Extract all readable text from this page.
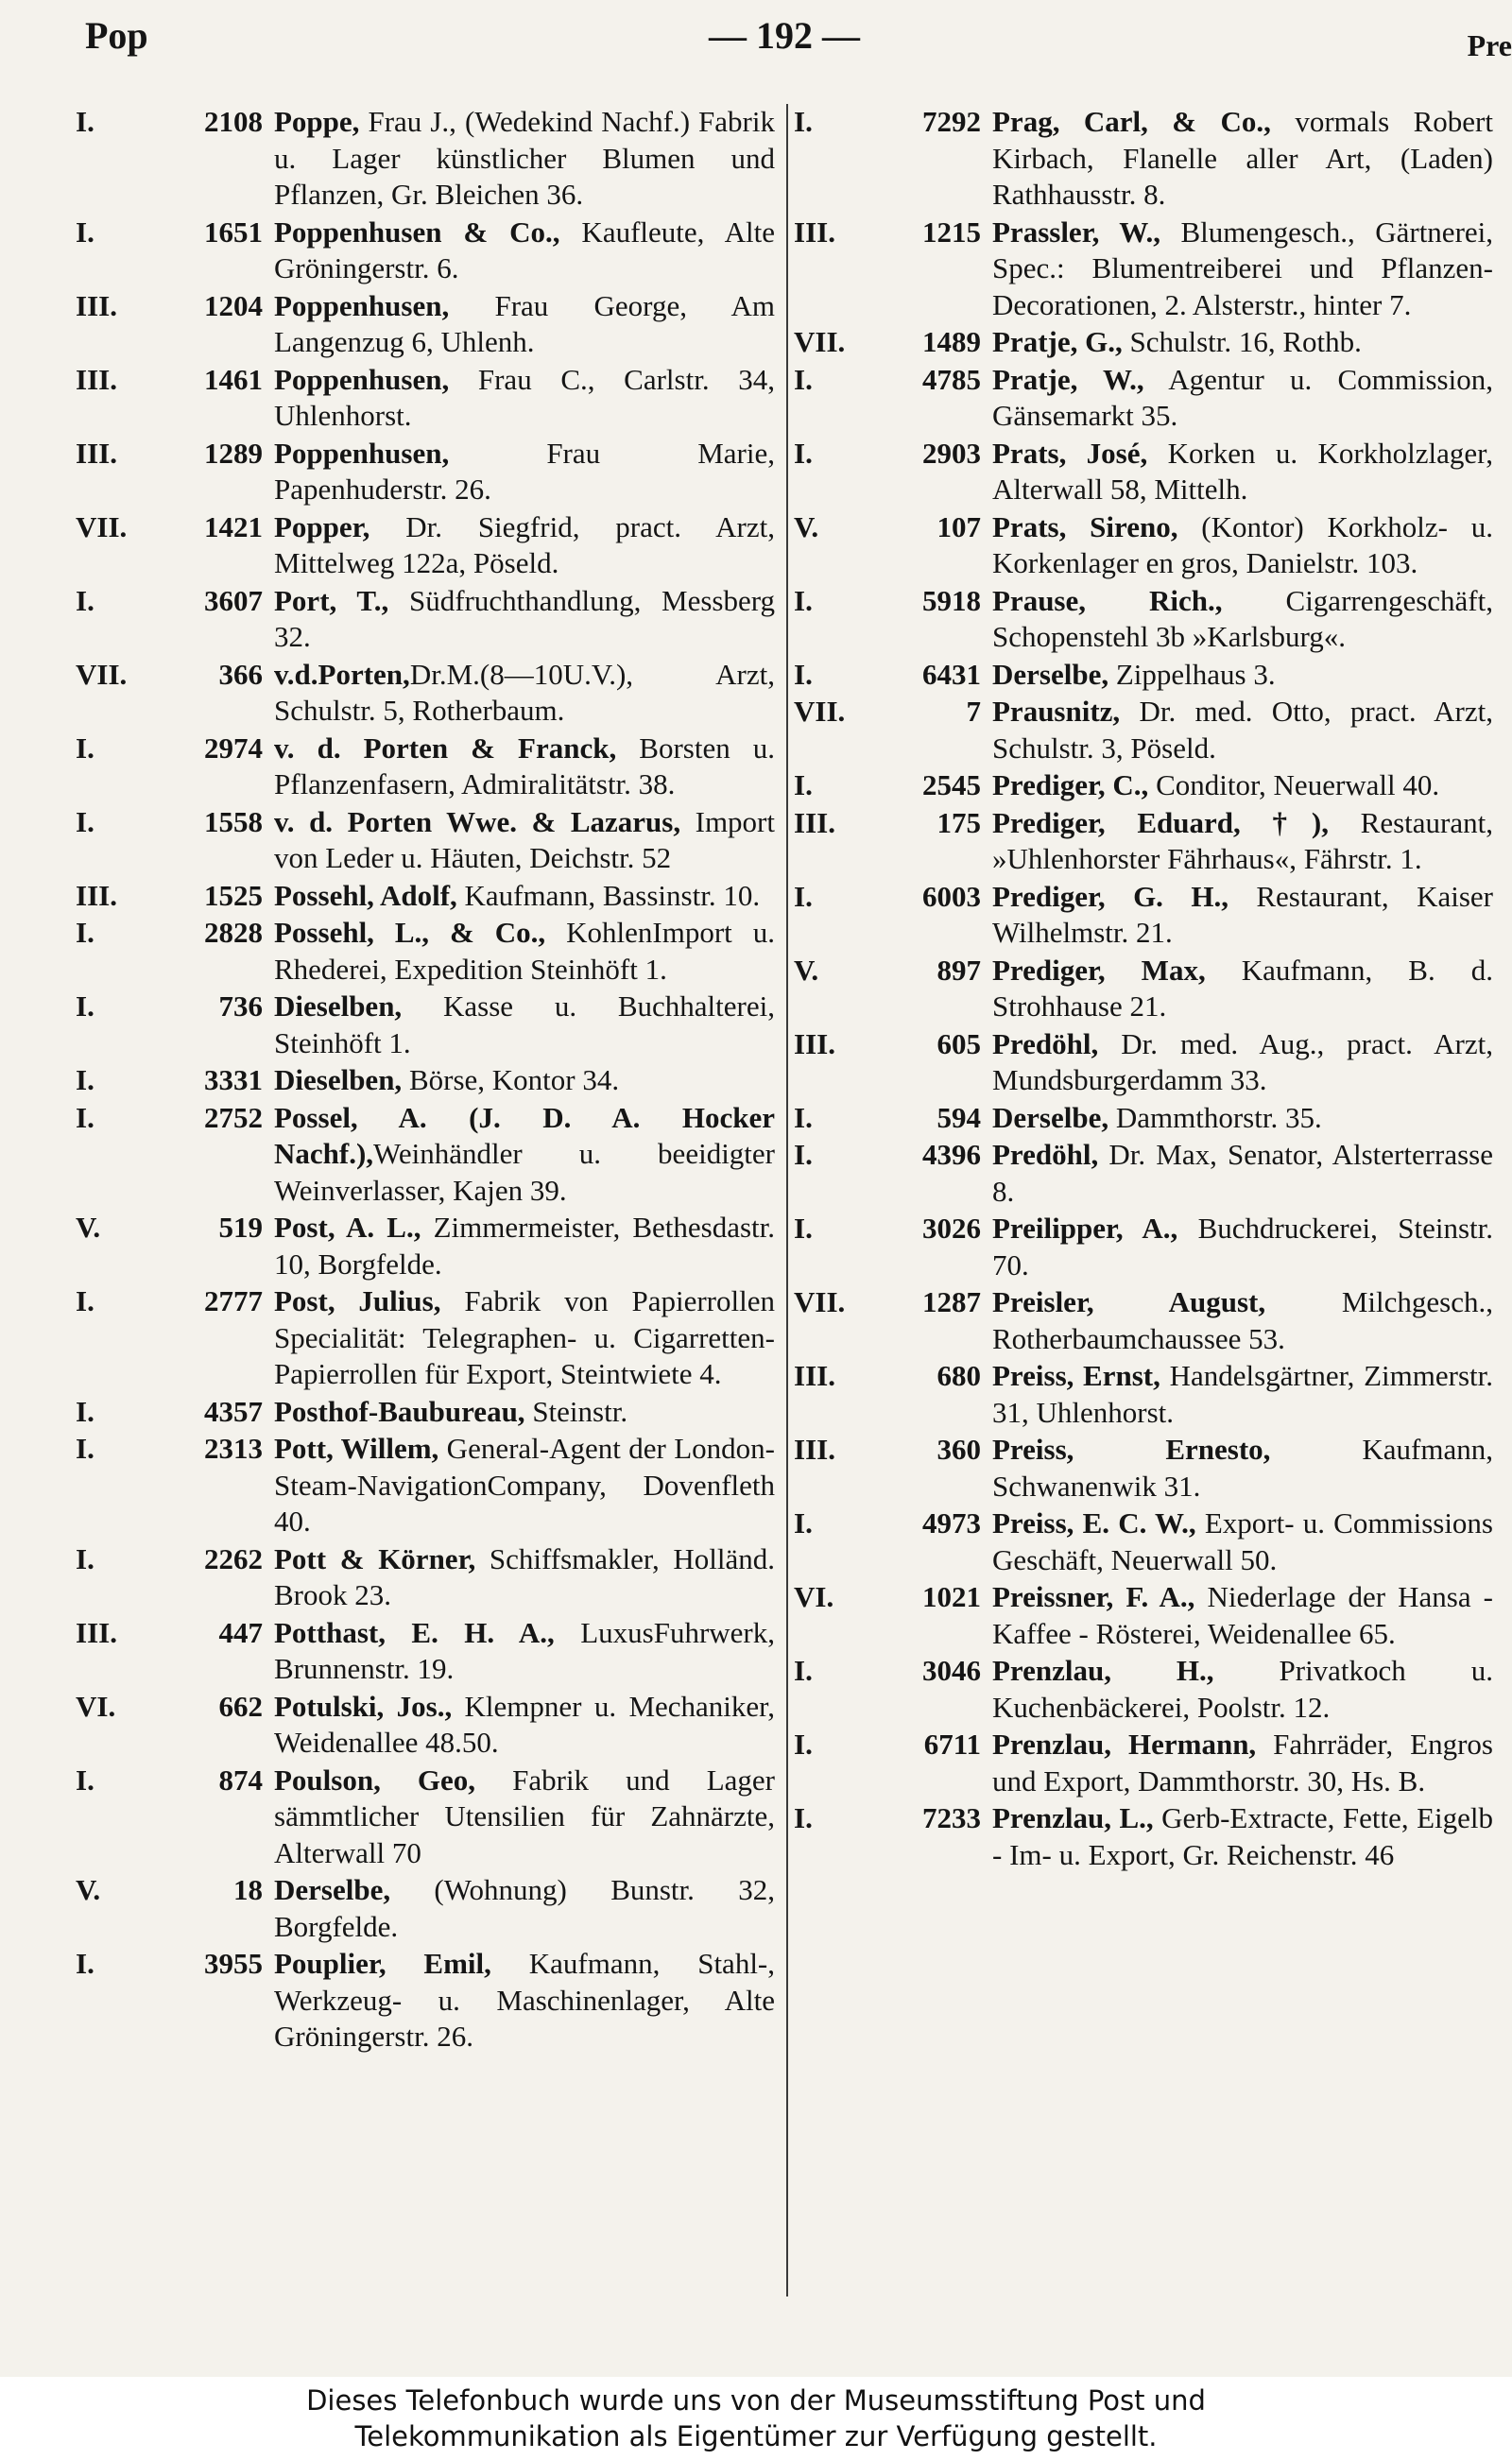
Pop	— 192 —	Pre
I.	2108 Poppe, Frau J., (Wedekind Nachf.) Fabrik u. Lager künstlicher Blumen und Pflanzen, Gr. Bleichen 36.
I.	1651 Poppenhusen & Co., Kaufleute, Alte Gröningerstr. 6.
III.	1204 Poppenhusen, Frau George, Am Langenzug 6, Uhlenh.
III.	1461 Poppenhusen, Frau C., Carlstr. 34, Uhlenhorst.
III.	1289 Poppenhusen, Frau Marie, Papenhuderstr. 26.
VII.	1421 Popper, Dr. Siegfrid, pract. Arzt, Mittelweg 122a, Pöseld.
I.	3607 Port, T., Südfruchthandlung, Messberg 32.
VII.	366 v.d.Porten,Dr.M.(8—10U.V.), Arzt, Schulstr. 5, Rotherbaum.
I.	2974 v. d. Porten & Franck, Borsten u. Pflanzenfasern, Admiralitätstr. 38.
I.	1558 v. d. Porten Wwe. & Lazarus, Import von Leder u. Häuten, Deichstr. 52
III.	1525 Possehl, Adolf, Kaufmann, Bassinstr. 10.
I.	2828 Possehl, L., & Co., KohlenImport u. Rhederei, Expedition Steinhöft 1.
I.	736 Dieselben, Kasse u. Buchhalterei, Steinhöft 1.
I.	3331 Dieselben, Börse, Kontor 34.
I.	2752 Possel, A. (J. D. A. Hocker Nachf.),Weinhändler u. beeidigter Weinverlasser, Kajen 39.
V.	519 Post, A. L., Zimmermeister, Bethesdastr. 10, Borgfelde.
I.	2777 Post, Julius, Fabrik von Papierrollen Specialität: Telegraphen- u. Cigarretten-Papierrollen für Export, Steintwiete 4.
I.	4357 Posthof-Baubureau, Steinstr.
I.	2313 Pott, Willem, General-Agent der London-Steam-NavigationCompany, Dovenfleth 40.
I.	2262 Pott & Körner, Schiffsmakler, Holländ. Brook 23.
III.	447 Potthast, E. H. A., LuxusFuhrwerk, Brunnenstr. 19.
VI.	662 Potulski, Jos., Klempner u. Mechaniker, Weidenallee 48.50.
I.	874 Poulson, Geo, Fabrik und Lager sämmtlicher Utensilien für Zahnärzte, Alterwall 70
V.	18 Derselbe, (Wohnung) Bunstr. 32, Borgfelde.
I.	3955 Pouplier, Emil, Kaufmann, Stahl-, Werkzeug- u. Maschinenlager, Alte Gröningerstr. 26.
I.	7292 Prag, Carl, & Co., vormals Robert Kirbach, Flanelle aller Art, (Laden) Rathhausstr. 8.
III.	1215 Prassler, W., Blumengesch., Gärtnerei, Spec.: Blumentreiberei und Pflanzen-Decorationen, 2. Alsterstr., hinter 7.
VII.	1489 Pratje, G., Schulstr. 16, Rothb.
I.	4785 Pratje, W., Agentur u. Commission, Gänsemarkt 35.
I.	2903 Prats, José, Korken u. Korkholzlager, Alterwall 58, Mittelh.
V.	107 Prats, Sireno, (Kontor) Korkholz- u. Korkenlager en gros, Danielstr. 103.
I.	5918 Prause, Rich., Cigarrengeschäft, Schopenstehl 3b »Karlsburg«.
I.	6431 Derselbe, Zippelhaus 3.
VII.	7 Prausnitz, Dr. med. Otto, pract. Arzt, Schulstr. 3, Pöseld.
I.	2545 Prediger, C., Conditor, Neuerwall 40.
III.	175 Prediger, Eduard, †), Restaurant, »Uhlenhorster Fährhaus«, Fährstr. 1.
I.	6003 Prediger, G. H., Restaurant, Kaiser Wilhelmstr. 21.
V.	897 Prediger, Max, Kaufmann, B. d. Strohhause 21.
III.	605 Predöhl, Dr. med. Aug., pract. Arzt, Mundsburgerdamm 33.
I.	594 Derselbe, Dammthorstr. 35.
I.	4396 Predöhl, Dr. Max, Senator, Alsterterrasse 8.
I.	3026 Preilipper, A., Buchdruckerei, Steinstr. 70.
VII.	1287 Preisler, August, Milchgesch., Rotherbaumchaussee 53.
III.	680 Preiss, Ernst, Handelsgärtner, Zimmerstr. 31, Uhlenhorst.
III.	360 Preiss, Ernesto, Kaufmann, Schwanenwik 31.
I.	4973 Preiss, E. C. W., Export- u. Commissions Geschäft, Neuerwall 50.
VI.	1021 Preissner, F. A., Niederlage der Hansa - Kaffee - Rösterei, Weidenallee 65.
I.	3046 Prenzlau, H., Privatkoch u. Kuchenbäckerei, Poolstr. 12.
I.	6711 Prenzlau, Hermann, Fahrräder, Engros und Export, Dammthorstr. 30, Hs. B.
I.	7233 Prenzlau, L., Gerb-Extracte, Fette, Eigelb - Im- u. Export, Gr. Reichenstr. 46
Dieses Telefonbuch wurde uns von der Museumsstiftung Post und
Telekommunikation als Eigentümer zur Verfügung gestellt.
